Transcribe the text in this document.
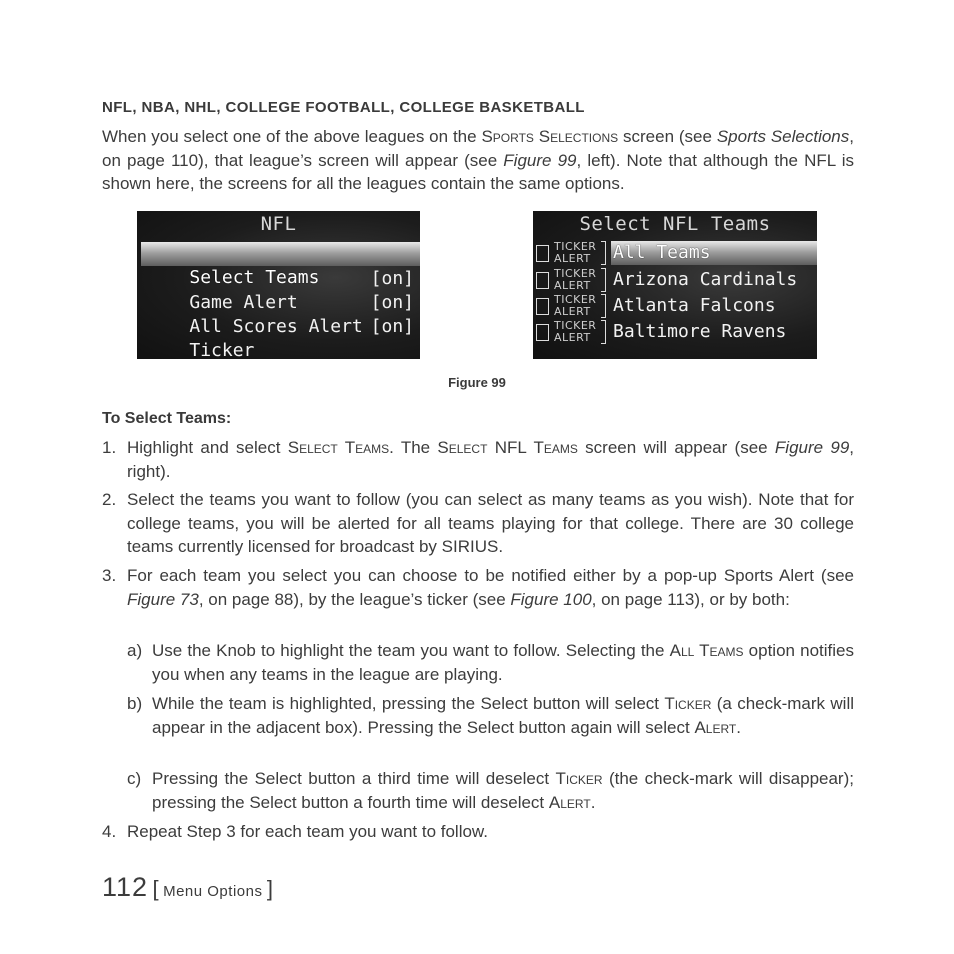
NFL, NBA, NHL, COLLEGE FOOTBALL, COLLEGE BASKETBALL
When you select one of the above leagues on the Sports Selections screen (see Sports Selections, on page 110), that league’s screen will appear (see Figure 99, left). Note that although the NFL is shown here, the screens for all the leagues contain the same options.
NFL

Select Teams

Game Alert

[on]

All Scores Alert

[on]

Ticker

[on]

Select NFL Teams
All Teams
Arizona Cardinals
Atlanta Falcons
Baltimore Ravens
TICKER
ALERT
TICKER
ALERT
TICKER
ALERT
TICKER
ALERT
Figure 99
To Select Teams:
1. Highlight and select Select Teams. The Select NFL Teams screen will appear (see Figure 99, right).
2. Select the teams you want to follow (you can select as many teams as you wish). Note that for college teams, you will be alerted for all teams playing for that college. There are 30 college teams currently licensed for broadcast by SIRIUS.
3. For each team you select you can choose to be notified either by a pop-up Sports Alert (see Figure 73, on page 88), by the league’s ticker (see Figure 100, on page 113), or by both:
a) Use the Knob to highlight the team you want to follow. Selecting the All Teams option notifies you when any teams in the league are playing.
b) While the team is highlighted, pressing the Select button will select Ticker (a check-mark will appear in the adjacent box). Pressing the Select button again will select Alert.
c) Pressing the Select button a third time will deselect Ticker (the check-mark will disappear); pressing the Select button a fourth time will deselect Alert.
4. Repeat Step 3 for each team you want to follow.
112 [ Menu Options ]
